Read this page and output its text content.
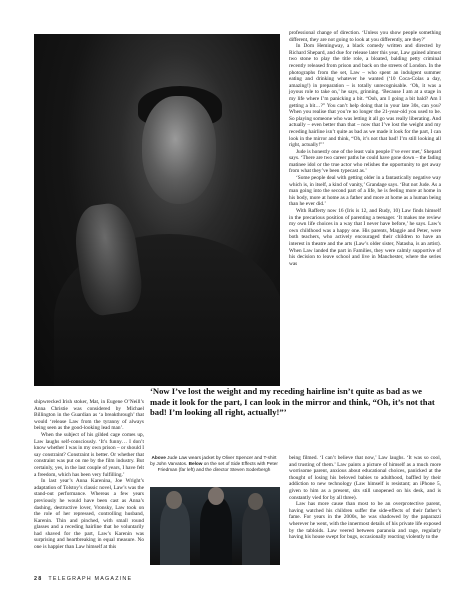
professional change of direction. ‘Unless you show people something different, they are not going to look at you differently, are they?’

In Dom Hemingway, a black comedy written and directed by Richard Shepard, and due for release later this year, Law gained almost two stone to play the title role, a bloated, balding petty criminal recently released from prison and back on the streets of London. In the photographs from the set, Law – who spent an indulgent summer eating and drinking whatever he wanted (‘10 Coca-Colas a day, amazing!) in preparation – is totally unrecognisable. ‘Oh, it was a joyous role to take on,’ he says, grinning. ‘Because I am at a stage in my life where I’m panicking a bit. “Ooh, am I going a bit bald? Am I getting a bit…?” You can’t help doing that in your late 30s, can you? When you realise that you’re no longer the 21-year-old you used to be. So playing someone who was letting it all go was really liberating. And actually – even better than that – now that I’ve lost the weight and my receding hairline isn’t quite as bad as we made it look for the part, I can look in the mirror and think, “Oh, it’s not that bad! I’m still looking all right, actually!”’

Jude is honestly one of the least vain people I’ve ever met,’ Shepard says. ‘There are two career paths he could have gone down – the fading matinee idol or the true actor who relishes the opportunity to get away from what they’ve been typecast as.’

‘Some people deal with getting older in a fantastically negative way which is, in itself, a kind of vanity,’ Grandage says. ‘But not Jude. As a man going into the second part of a life, he is feeling more at home in his body, more at home as a father and more at home as a human being than he ever did.’

With Rafferty now 16 (Iris is 12, and Rudy, 10) Law finds himself in the precarious position of parenting a teenager. ‘It makes me review my own life choices in a way that I never have before,’ he says. Law’s own childhood was a happy one. His parents, Maggie and Peter, were both teachers, who actively encouraged their children to have an interest in theatre and the arts (Law’s older sister, Natasha, is an artist). When Law landed the part in Families, they were calmly supportive of his decision to leave school and live in Manchester, where the series was

‘Now I’ve lost the weight and my receding hairline isn’t quite as bad as we made it look for the part, I can look in the mirror and think, “Oh, it’s not that bad! I’m looking all right, actually!”’

shipwrecked Irish stoker, Mat, in Eugene O’Neill’s Anna Christie was considered by Michael Billington in the Guardian as ‘a breakthrough’ that would ‘release Law from the tyranny of always being seen as the good-looking lead man’.

When the subject of his gilded cage comes up, Law laughs self-consciously. ‘It’s funny… I don’t know whether I was in my own prison – or should I say constraint? Constraint is better. Or whether that constraint was put on me by the film industry. But certainly, yes, in the last couple of years, I have felt a freedom, which has been very fulfilling.’

In last year’s Anna Karenina, Joe Wright’s adaptation of Tolstoy’s classic novel, Law’s was the stand-out performance. Whereas a few years previously he would have been cast as Anna’s dashing, destructive lover, Vronsky, Law took on the role of her repressed, controlling husband, Karenin. Thin and pinched, with small round glasses and a receding hairline that he voluntarily had shaved for the part, Law’s Karenin was surprising and heartbreaking in equal measure. No one is happier than Law himself at this

Above Jude Law wears jacket by Oliver Spencer and T-shirt by John Varvatos. Below on the set of Side Effects with Peter Friedman (far left) and the director Steven Soderbergh

being filmed. ‘I can’t believe that now,’ Law laughs. ‘It was so cool, and trusting of them.’ Law paints a picture of himself as a much more worrisome parent, anxious about educational choices, panicked at the thought of losing his beloved babies to adulthood, baffled by their addiction to new technology (Law himself is resistant; an iPhone 5, given to him as a present, sits still unopened on his desk, and is constantly vied for by all three).

Law has more cause than most to be an overprotective parent, having watched his children suffer the side-effects of their father’s fame. For years in the 2000s, he was shadowed by the paparazzi wherever he went, with the innermost details of his private life exposed by the tabloids. Law veered between paranoia and rage, regularly having his house swept for bugs, occasionally reacting violently to the

28 TELEGRAPH MAGAZINE
